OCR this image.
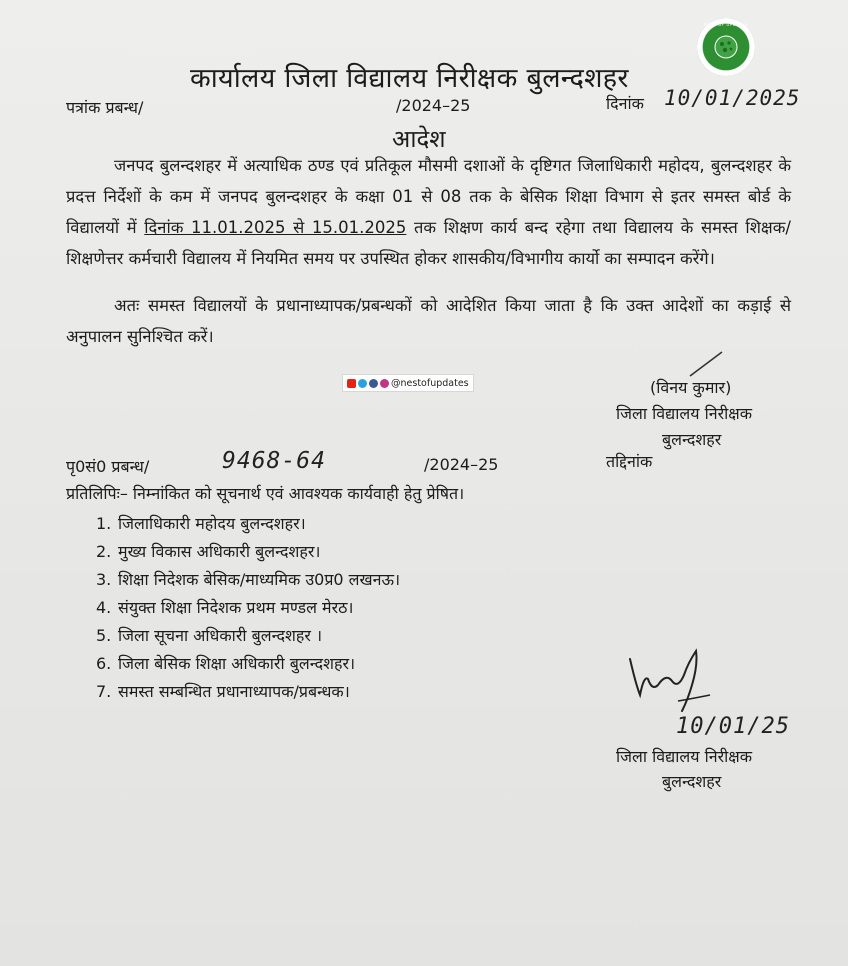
NEST OF UPDATES
कार्यालय जिला विद्यालय निरीक्षक बुलन्दशहर
पत्रांक प्रबन्ध/	/2024–25	दिनांक 10/01/2025
आदेश
जनपद बुलन्दशहर में अत्याधिक ठण्ड एवं प्रतिकूल मौसमी दशाओं के दृष्टिगत जिलाधिकारी महोदय, बुलन्दशहर के प्रदत्त निर्देशों के कम में जनपद बुलन्दशहर के कक्षा 01 से 08 तक के बेसिक शिक्षा विभाग से इतर समस्त बोर्ड के विद्यालयों में दिनांक 11.01.2025 से 15.01.2025 तक शिक्षण कार्य बन्द रहेगा तथा विद्यालय के समस्त शिक्षक/शिक्षणेत्तर कर्मचारी विद्यालय में नियमित समय पर उपस्थित होकर शासकीय/विभागीय कार्यो का सम्पादन करेंगे।
अतः समस्त विद्यालयों के प्रधानाध्यापक/प्रबन्धकों को आदेशित किया जाता है कि उक्त आदेशों का कड़ाई से अनुपालन सुनिश्चित करें।
@nestofupdates	(विनय कुमार)
जिला विद्यालय निरीक्षक
बुलन्दशहर
पृ0सं0 प्रबन्ध/	9468-64	/2024–25	तद्दिनांक
प्रतिलिपिः– निम्नांकित को सूचनार्थ एवं आवश्यक कार्यवाही हेतु प्रेषित।
1. जिलाधिकारी महोदय बुलन्दशहर।
2. मुख्य विकास अधिकारी बुलन्दशहर।
3. शिक्षा निदेशक बेसिक/माध्यमिक उ0प्र0 लखनऊ।
4. संयुक्त शिक्षा निदेशक प्रथम मण्डल मेरठ।
5. जिला सूचना अधिकारी बुलन्दशहर ।
6. जिला बेसिक शिक्षा अधिकारी बुलन्दशहर।
7. समस्त सम्बन्धित प्रधानाध्यापक/प्रबन्धक।
10/01/25
जिला विद्यालय निरीक्षक
बुलन्दशहर
